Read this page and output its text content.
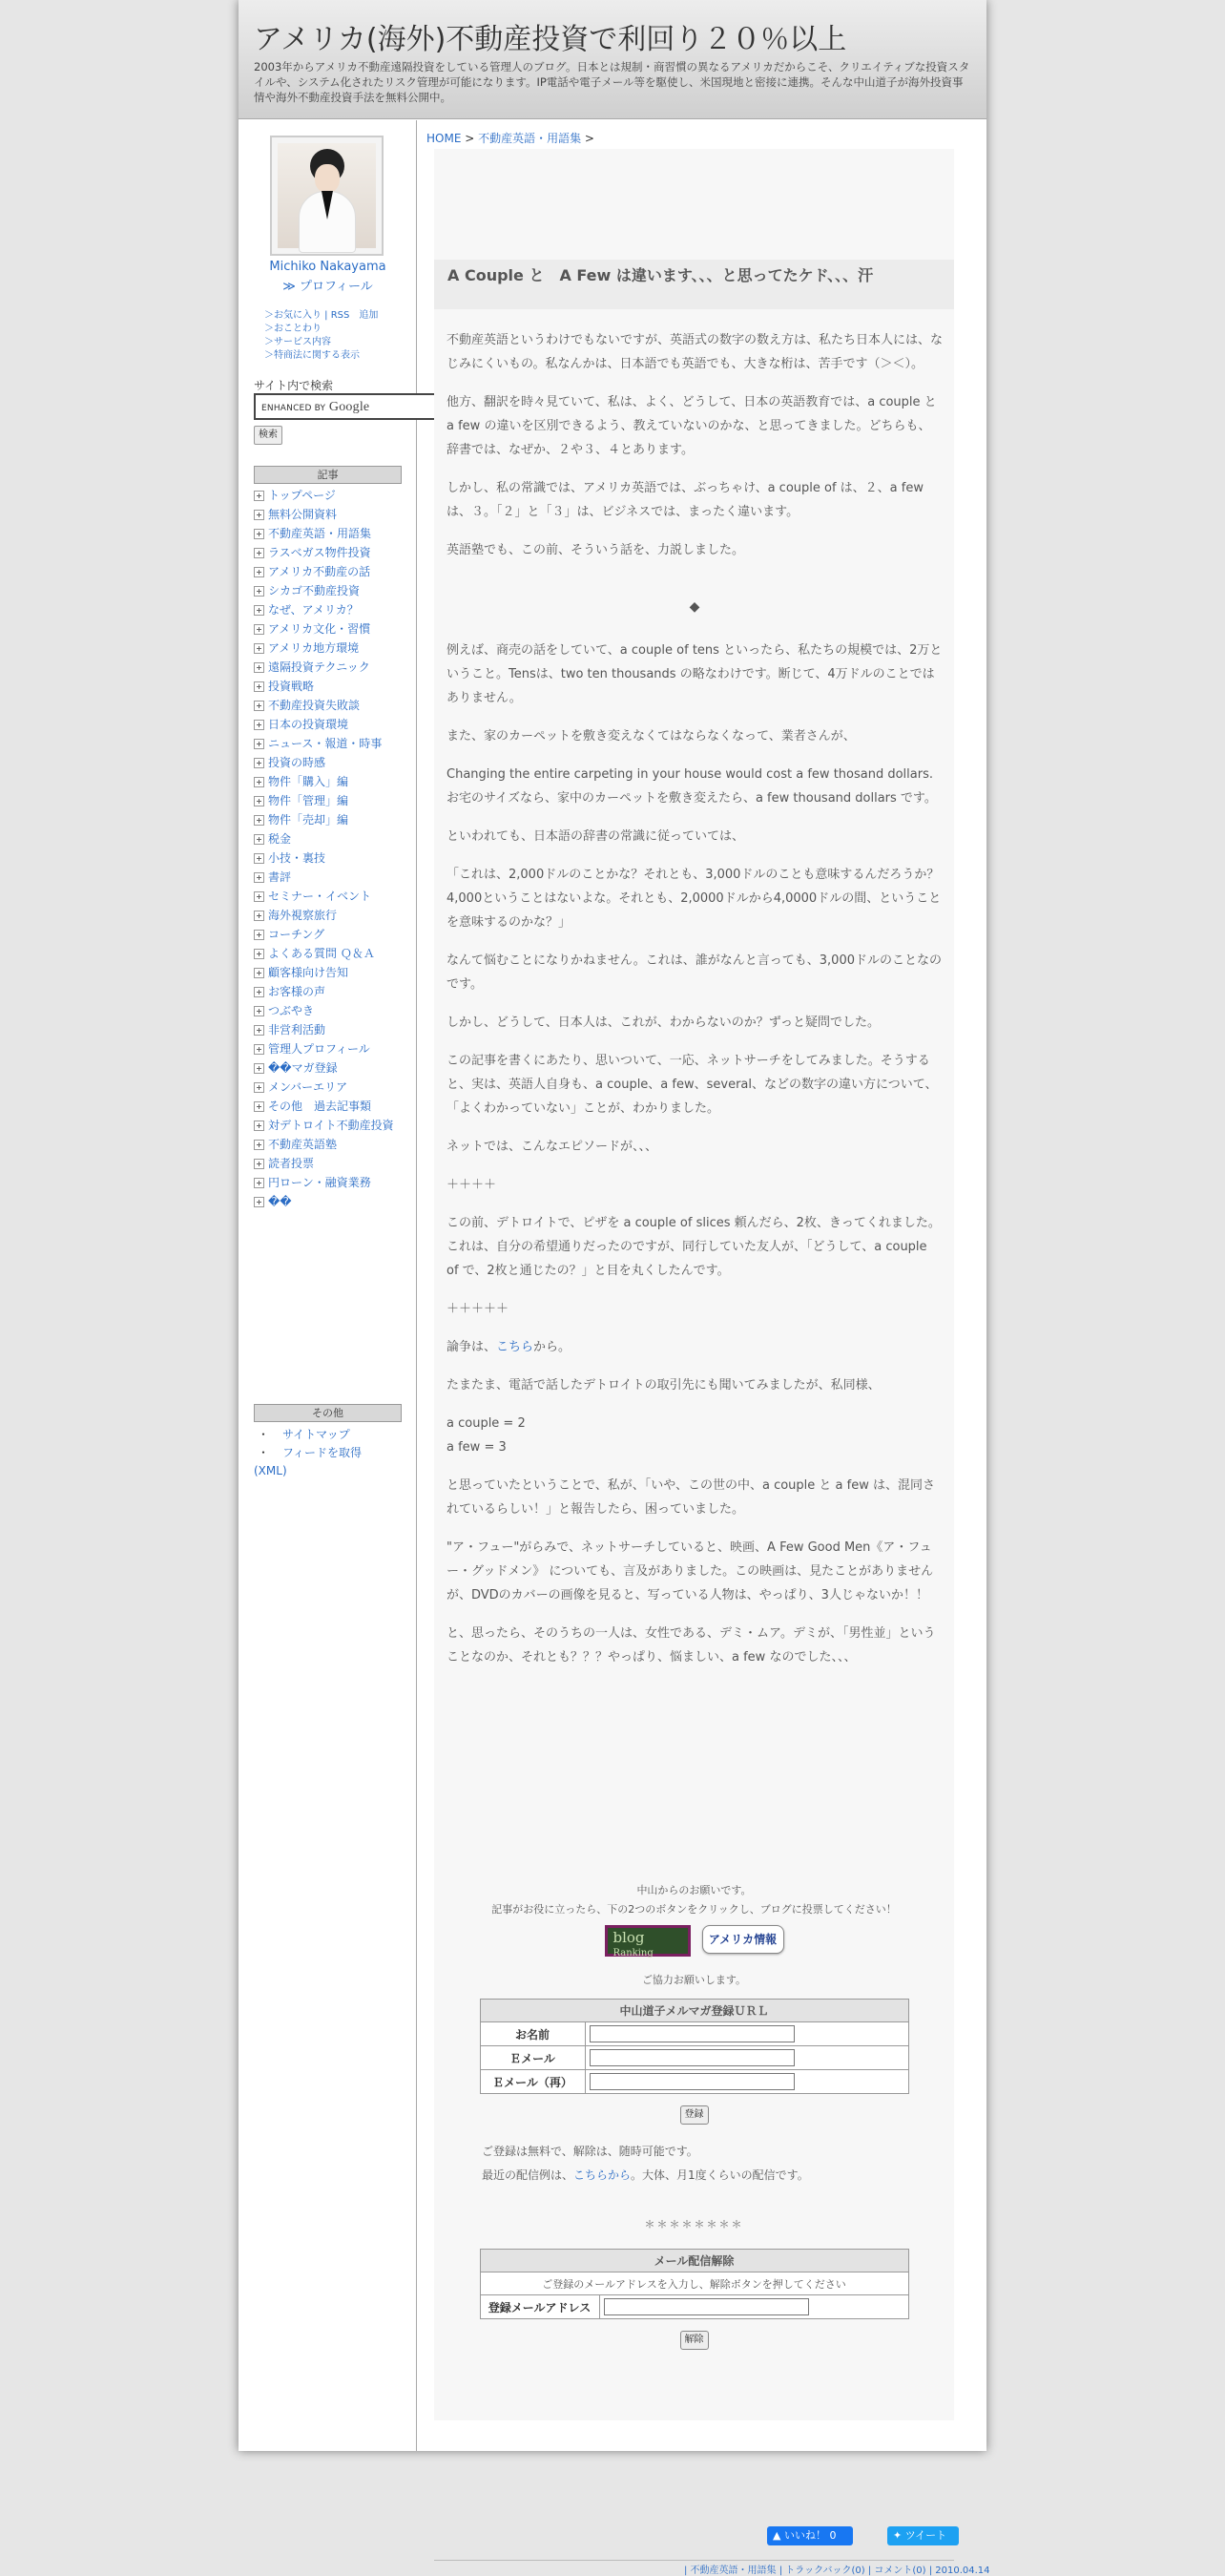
アメリカ(海外)不動産投資で利回り２０％以上
2003年からアメリカ不動産遠隔投資をしている管理人のブログ。日本とは規制・商習慣の異なるアメリカだからこそ、クリエイティブな投資スタイルや、システム化されたリスク管理が可能になります。IP電話や電子メール等を駆使し、米国現地と密接に連携。そんな中山道子が海外投資事情や海外不動産投資手法を無料公開中。
Michiko Nakayama
≫ プロフィール
＞お気に入り | RSS　追加
＞おことわり
＞サービス内容
＞特商法に関する表示
サイト内で検索
ENHANCED BY Google
検索
記事
トップページ
無料公開資料
不動産英語・用語集
ラスベガス物件投資
アメリカ不動産の話
シカゴ不動産投資
なぜ、アメリカ？
アメリカ文化・習慣
アメリカ地方環境
遠隔投資テクニック
投資戦略
不動産投資失敗談
日本の投資環境
ニュース・報道・時事
投資の時感
物件「購入」編
物件「管理」編
物件「売却」編
税金
小技・裏技
書評
セミナー・イベント
海外視察旅行
コーチング
よくある質問 Ｑ＆Ａ
顧客様向け告知
お客様の声
つぶやき
非営利活動
管理人プロフィール
��マガ登録
メンバーエリア
その他　過去記事類
対デトロイト不動産投資
不動産英語塾
読者投票
円ローン・融資業務
��
その他
・ サイトマップ
・ フィードを取得
(XML)
HOME > 不動産英語・用語集 >
A Couple と　A Few は違います、、、と思ってたケド、、、汗

不動産英語というわけでもないですが、英語式の数字の数え方は、私たち日本人には、なじみにくいもの。私なんかは、日本語でも英語でも、大きな桁は、苦手です（＞＜）。

他方、翻訳を時々見ていて、私は、よく、どうして、日本の英語教育では、a couple と a few の違いを区別できるよう、教えていないのかな、と思ってきました。どちらも、辞書では、なぜか、２や３、４とあります。

しかし、私の常識では、アメリカ英語では、ぶっちゃけ、a couple of は、２、a few は、３。「２」と「３」は、ビジネスでは、まったく違います。

英語塾でも、この前、そういう話を、力説しました。

◆

例えば、商売の話をしていて、a couple of tens といったら、私たちの規模では、2万ということ。Tensは、two ten thousands の略なわけです。断じて、4万ドルのことではありません。

また、家のカーペットを敷き変えなくてはならなくなって、業者さんが、

Changing the entire carpeting in your house would cost a few thosand dollars.
お宅のサイズなら、家中のカーペットを敷き変えたら、a few thousand dollars です。

といわれても、日本語の辞書の常識に従っていては、

「これは、2,000ドルのことかな？それとも、3,000ドルのことも意味するんだろうか？4,000ということはないよな。それとも、2,0000ドルから4,0000ドルの間、ということを意味するのかな？」

なんて悩むことになりかねません。これは、誰がなんと言っても、3,000ドルのことなのです。

しかし、どうして、日本人は、これが、わからないのか？ずっと疑問でした。

この記事を書くにあたり、思いついて、一応、ネットサーチをしてみました。そうすると、実は、英語人自身も、a couple、a few、several、などの数字の違い方について、「よくわかっていない」ことが、わかりました。

ネットでは、こんなエピソードが、、、

＋＋＋＋

この前、デトロイトで、ピザを a couple of slices 頼んだら、2枚、きってくれました。これは、自分の希望通りだったのですが、同行していた友人が、「どうして、a couple of で、2枚と通じたの？」と目を丸くしたんです。

＋＋＋＋＋

論争は、こちらから。

たまたま、電話で話したデトロイトの取引先にも聞いてみましたが、私同様、

a couple = 2
a few = 3

と思っていたということで、私が、「いや、この世の中、a couple と a few は、混同されているらしい！」と報告したら、困っていました。

"ア・フュー"がらみで、ネットサーチしていると、映画、A Few Good Men《ア・フュー・グッドメン》 についても、言及がありました。この映画は、見たことがありませんが、DVDのカバーの画像を見ると、写っている人物は、やっぱり、3人じゃないか！！

と、思ったら、そのうちの一人は、女性である、デミ・ムア。デミが、「男性並」ということなのか、それとも？？？やっぱり、悩ましい、a few なのでした、、、

中山からのお願いです。
記事がお役に立ったら、下の2つのボタンをクリックし、ブログに投票してください！
blog
Ranking
アメリカ情報
ご協力お願いします。
中山道子メルマガ登録ＵＲＬ	
お名前	
Ｅメール	
Ｅメール（再）	
登録
ご登録は無料で、解除は、随時可能です。
最近の配信例は、こちらから。大体、月1度くらいの配信です。
＊＊＊＊＊＊＊＊
メール配信解除
ご登録のメールアドレスを入力し、解除ボタンを押してください
登録メールアドレス	
解除
▲ いいね！ 0	✦ ツイート
| 不動産英語・用語集 | トラックバック(0) | コメント(0) | 2010.04.14
